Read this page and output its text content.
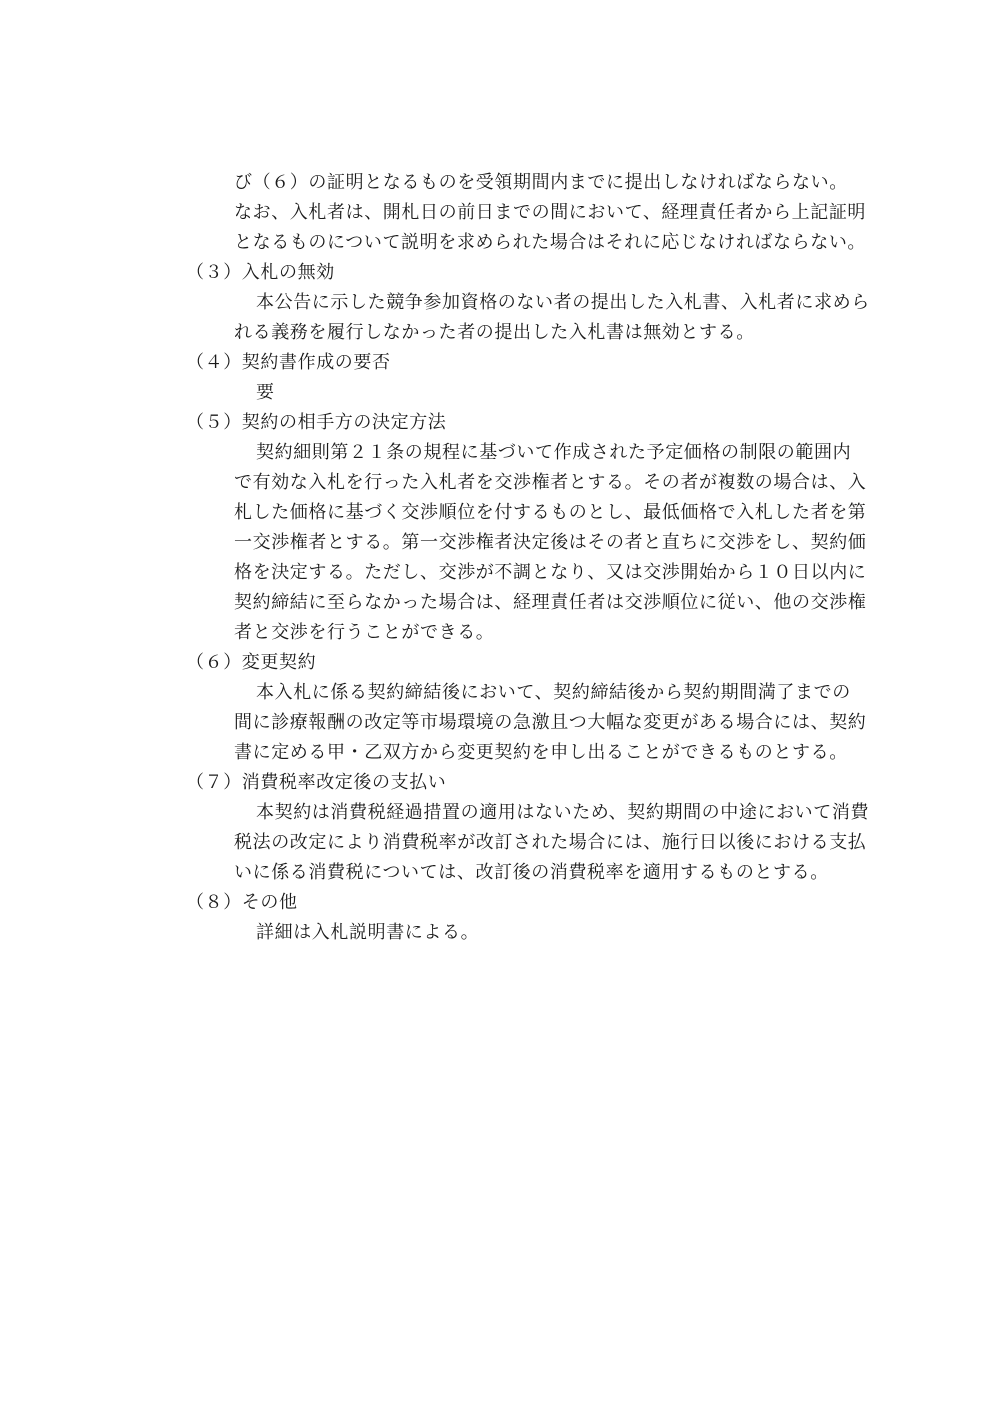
び（６）の証明となるものを受領期間内までに提出しなければならない。
なお、入札者は、開札日の前日までの間において、経理責任者から上記証明
となるものについて説明を求められた場合はそれに応じなければならない。
（３）入札の無効
本公告に示した競争参加資格のない者の提出した入札書、入札者に求めら
れる義務を履行しなかった者の提出した入札書は無効とする。
（４）契約書作成の要否
要
（５）契約の相手方の決定方法
契約細則第２１条の規程に基づいて作成された予定価格の制限の範囲内
で有効な入札を行った入札者を交渉権者とする。その者が複数の場合は、入
札した価格に基づく交渉順位を付するものとし、最低価格で入札した者を第
一交渉権者とする。第一交渉権者決定後はその者と直ちに交渉をし、契約価
格を決定する。ただし、交渉が不調となり、又は交渉開始から１０日以内に
契約締結に至らなかった場合は、経理責任者は交渉順位に従い、他の交渉権
者と交渉を行うことができる。
（６）変更契約
本入札に係る契約締結後において、契約締結後から契約期間満了までの
間に診療報酬の改定等市場環境の急激且つ大幅な変更がある場合には、契約
書に定める甲・乙双方から変更契約を申し出ることができるものとする。
（７）消費税率改定後の支払い
本契約は消費税経過措置の適用はないため、契約期間の中途において消費
税法の改定により消費税率が改訂された場合には、施行日以後における支払
いに係る消費税については、改訂後の消費税率を適用するものとする。
（８）その他
詳細は入札説明書による。
